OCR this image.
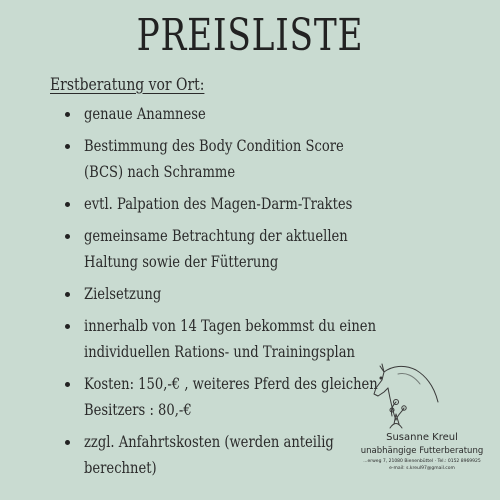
PREISLISTE
Erstberatung vor Ort:
genaue Anamnese
Bestimmung des Body Condition Score (BCS) nach Schramme
evtl. Palpation des Magen-Darm-Traktes
gemeinsame Betrachtung der aktuellen Haltung sowie der Fütterung
Zielsetzung
innerhalb von 14 Tagen bekommst du einen individuellen Rations- und Trainingsplan
Kosten: 150,-€ , weiteres Pferd des gleichen Besitzers : 80,-€
zzgl. Anfahrtskosten (werden anteilig berechnet)
Susanne Kreul
unabhängige Futterberatung
...erweg 7, 21080 Bienenbüttel · Tel.: 0152 8969925
e-mail: s.kreul97@gmail.com
